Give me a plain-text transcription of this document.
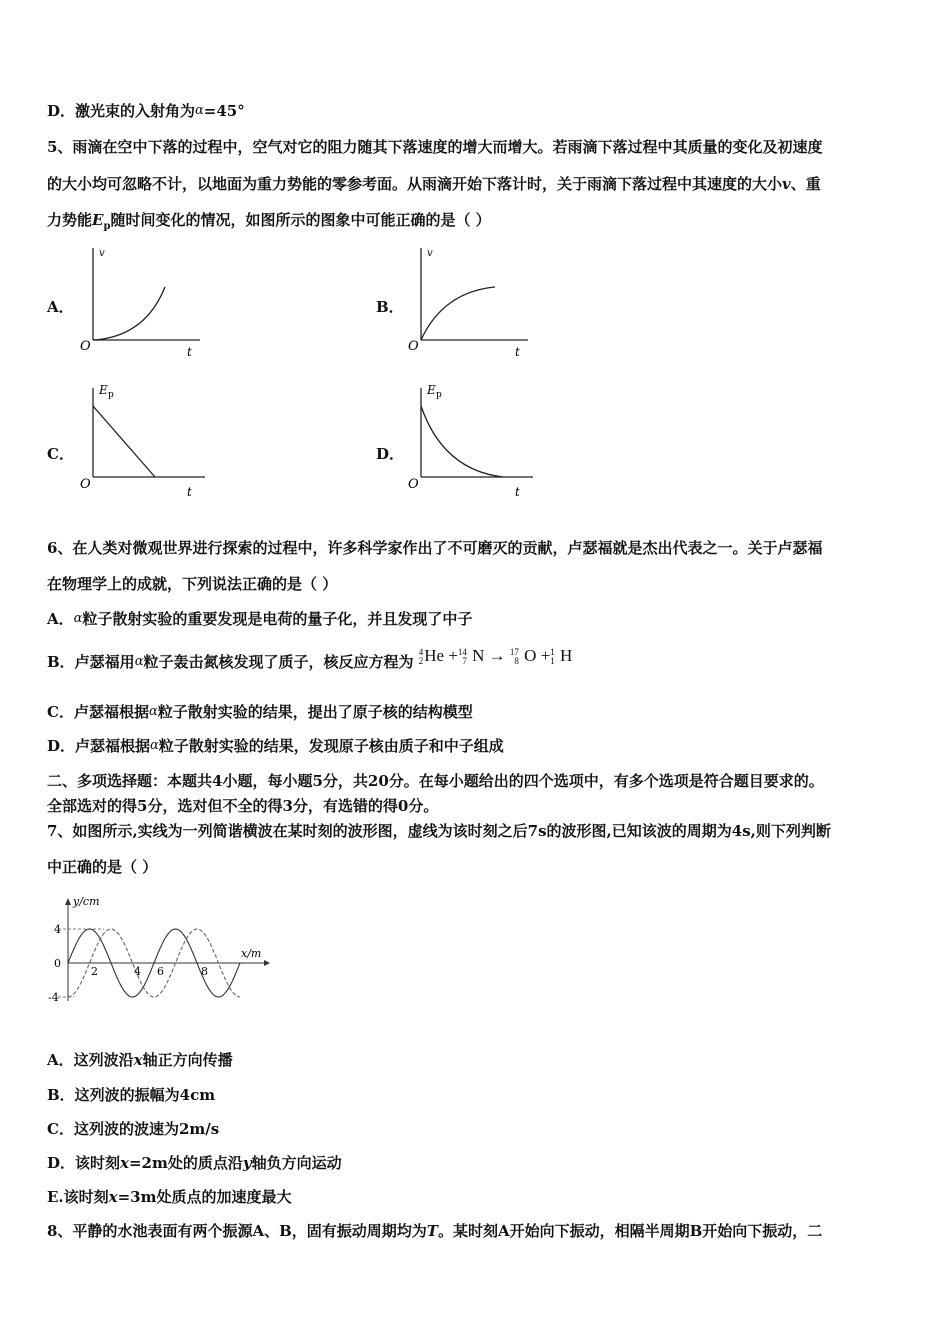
D．激光束的入射角为α=45°
5、雨滴在空中下落的过程中，空气对它的阻力随其下落速度的增大而增大。若雨滴下落过程中其质量的变化及初速度
的大小均可忽略不计，以地面为重力势能的零参考面。从雨滴开始下落计时，关于雨滴下落过程中其速度的大小v、重
力势能$E_p$随时间变化的情况，如图所示的图象中可能正确的是（ ）
A．
v
O	t
B．
v
O	t
C．
E p
O	t
D．
E p
O	t
6、在人类对微观世界进行探索的过程中，许多科学家作出了不可磨灭的贡献，卢瑟福就是杰出代表之一。关于卢瑟福
在物理学上的成就，下列说法正确的是（ ）
A．α粒子散射实验的重要发现是电荷的量子化，并且发现了中子
B．卢瑟福用α粒子轰击氮核发现了质子，核反应方程为 4
2He +14
7 N → 17
8 O +1
1 H
C．卢瑟福根据α粒子散射实验的结果，提出了原子核的结构模型
D．卢瑟福根据α粒子散射实验的结果，发现原子核由质子和中子组成
二、多项选择题：本题共4小题，每小题5分，共20分。在每小题给出的四个选项中，有多个选项是符合题目要求的。
全部选对的得5分，选对但不全的得3分，有选错的得0分。
7、如图所示,实线为一列简谐横波在某时刻的波形图，虚线为该时刻之后7s的波形图,已知该波的周期为4s,则下列判断
中正确的是（ ）
y/cm
x/m
4
0
-4
2	4 6	8
A．这列波沿x轴正方向传播
B．这列波的振幅为4cm
C．这列波的波速为2m/s
D．该时刻x=2m处的质点沿y轴负方向运动
E.该时刻x=3m处质点的加速度最大
8、平静的水池表面有两个振源A、B，固有振动周期均为T。某时刻A开始向下振动，相隔半周期B开始向下振动，二
